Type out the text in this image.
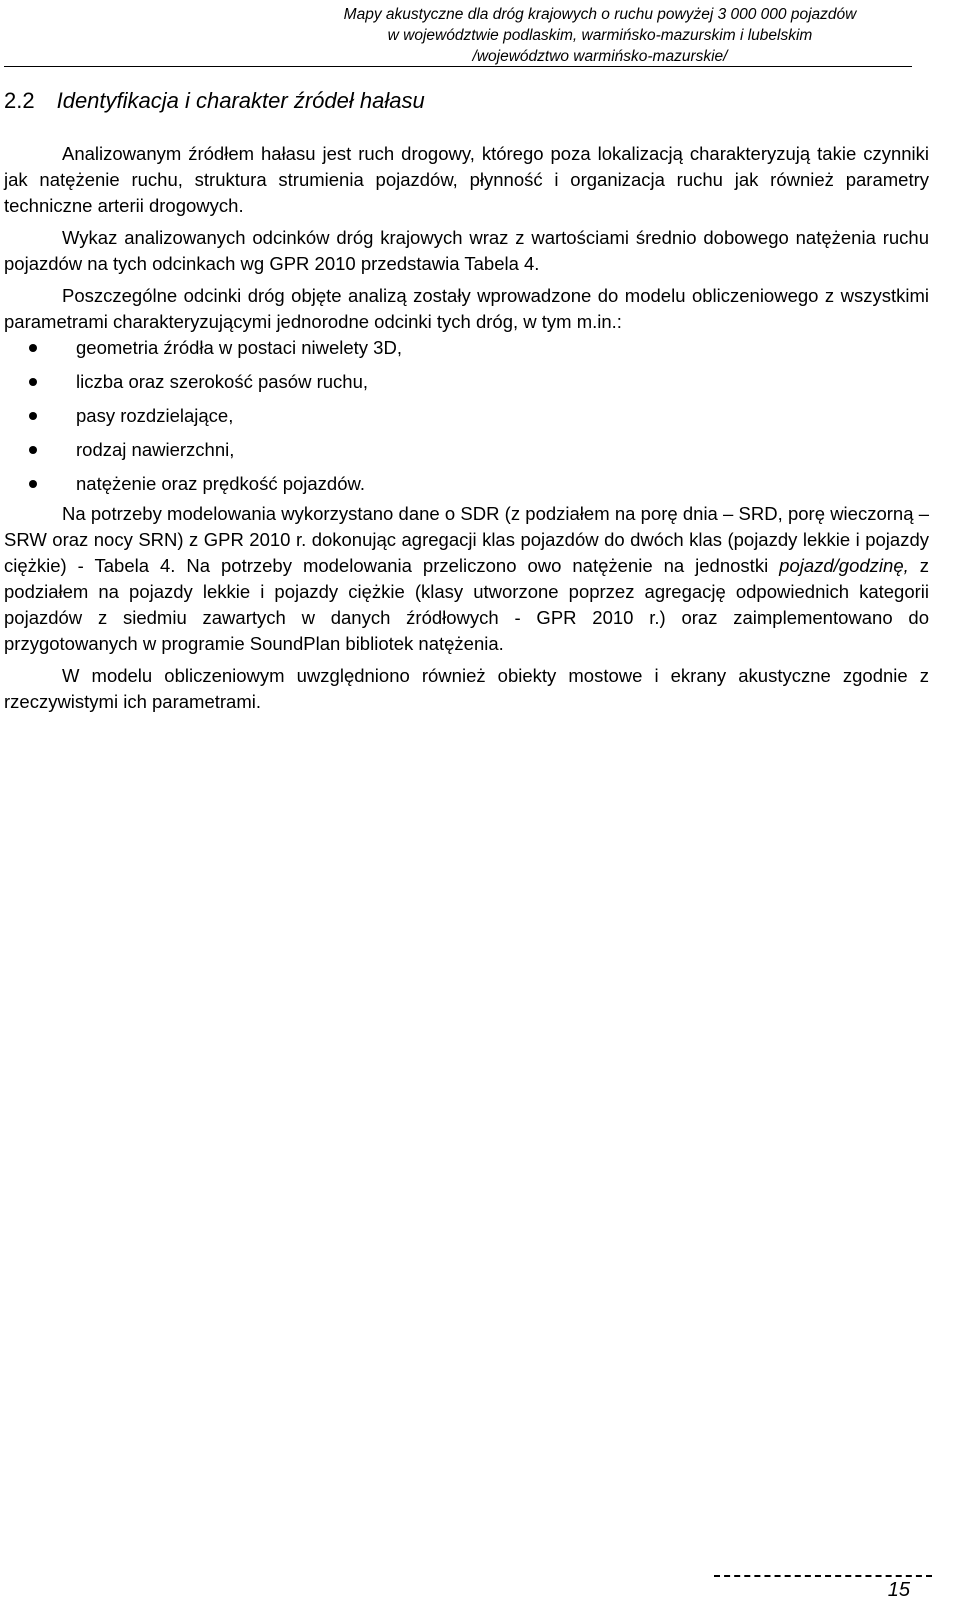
Mapy akustyczne dla dróg krajowych o ruchu powyżej 3 000 000 pojazdów
w województwie podlaskim, warmińsko-mazurskim i lubelskim
/województwo warmińsko-mazurskie/
2.2 Identyfikacja i charakter źródeł hałasu

Analizowanym źródłem hałasu jest ruch drogowy, którego poza lokalizacją charakteryzują takie czynniki jak natężenie ruchu, struktura strumienia pojazdów, płynność i organizacja ruchu jak również parametry techniczne arterii drogowych.

Wykaz analizowanych odcinków dróg krajowych wraz z wartościami średnio dobowego natężenia ruchu pojazdów na tych odcinkach wg GPR 2010 przedstawia Tabela 4.

Poszczególne odcinki dróg objęte analizą zostały wprowadzone do modelu obliczeniowego z wszystkimi parametrami charakteryzującymi jednorodne odcinki tych dróg, w tym m.in.:

geometria źródła w postaci niwelety 3D,
liczba oraz szerokość pasów ruchu,
pasy rozdzielające,
rodzaj nawierzchni,
natężenie oraz prędkość pojazdów.

Na potrzeby modelowania wykorzystano dane o SDR (z podziałem na porę dnia – SRD, porę wieczorną – SRW oraz nocy SRN) z GPR 2010 r. dokonując agregacji klas pojazdów do dwóch klas (pojazdy lekkie i pojazdy ciężkie) - Tabela 4. Na potrzeby modelowania przeliczono owo natężenie na jednostki pojazd/godzinę, z podziałem na pojazdy lekkie i pojazdy ciężkie (klasy utworzone poprzez agregację odpowiednich kategorii pojazdów z siedmiu zawartych w danych źródłowych - GPR 2010 r.) oraz zaimplementowano do przygotowanych w programie SoundPlan bibliotek natężenia.

W modelu obliczeniowym uwzględniono również obiekty mostowe i ekrany akustyczne zgodnie z rzeczywistymi ich parametrami.

15
